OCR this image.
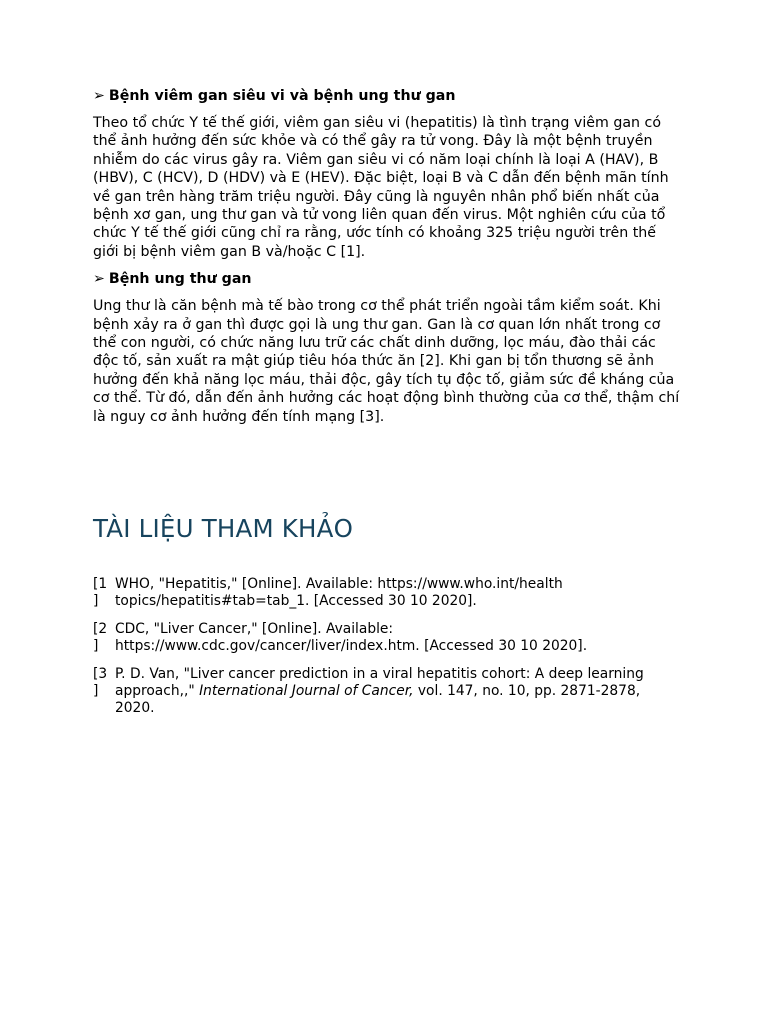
➢ Bệnh viêm gan siêu vi và bệnh ung thư gan

Theo tổ chức Y tế thế giới, viêm gan siêu vi (hepatitis) là tình trạng viêm gan có thể ảnh hưởng đến sức khỏe và có thể gây ra tử vong. Đây là một bệnh truyền nhiễm do các virus gây ra. Viêm gan siêu vi có năm loại chính là loại A (HAV), B (HBV), C (HCV), D (HDV) và E (HEV). Đặc biệt, loại B và C dẫn đến bệnh mãn tính về gan trên hàng trăm triệu người. Đây cũng là nguyên nhân phổ biến nhất của bệnh xơ gan, ung thư gan và tử vong liên quan đến virus. Một nghiên cứu của tổ chức Y tế thế giới cũng chỉ ra rằng, ước tính có khoảng 325 triệu người trên thế giới bị bệnh viêm gan B và/hoặc C [1].

➢ Bệnh ung thư gan

Ung thư là căn bệnh mà tế bào trong cơ thể phát triển ngoài tầm kiểm soát. Khi bệnh xảy ra ở gan thì được gọi là ung thư gan. Gan là cơ quan lớn nhất trong cơ thể con người, có chức năng lưu trữ các chất dinh dưỡng, lọc máu, đào thải các độc tố, sản xuất ra mật giúp tiêu hóa thức ăn [2]. Khi gan bị tổn thương sẽ ảnh hưởng đến khả năng lọc máu, thải độc, gây tích tụ độc tố, giảm sức đề kháng của cơ thể. Từ đó, dẫn đến ảnh hưởng các hoạt động bình thường của cơ thể, thậm chí là nguy cơ ảnh hưởng đến tính mạng [3].

TÀI LIỆU THAM KHẢO
[1
]
WHO, "Hepatitis," [Online]. Available: https://www.who.int/health topics/hepatitis#tab=tab_1. [Accessed 30 10 2020].
[2
]
CDC, "Liver Cancer," [Online]. Available: https://www.cdc.gov/cancer/liver/index.htm. [Accessed 30 10 2020].
[3
]
P. D. Van, "Liver cancer prediction in a viral hepatitis cohort: A deep learning approach,," International Journal of Cancer, vol. 147, no. 10, pp. 2871-2878, 2020.
